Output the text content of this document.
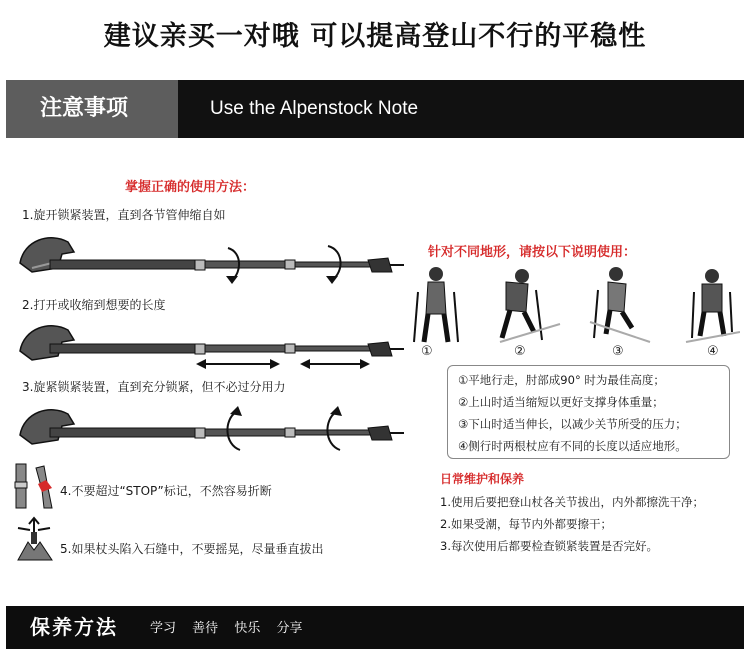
建议亲买一对哦 可以提高登山不行的平稳性
注意事项	Use the Alpenstock Note
掌握正确的使用方法：
1.旋开锁紧装置，直到各节管伸缩自如
2.打开或收缩到想要的长度
3.旋紧锁紧装置，直到充分锁紧，但不必过分用力
4.不要超过“STOP”标记，不然容易折断
5.如果杖头陷入石缝中，不要摇晃，尽量垂直拔出
针对不同地形，请按以下说明使用：
①	②	③	④
①平地行走，肘部成90° 时为最佳高度；
②上山时适当缩短以更好支撑身体重量；
③下山时适当伸长，以减少关节所受的压力；
④侧行时两根杖应有不同的长度以适应地形。
日常维护和保养
1.使用后要把登山杖各关节拔出，内外都擦洗干净；
2.如果受潮，每节内外都要擦干；
3.每次使用后都要检查锁紧装置是否完好。
保养方法 学习 善待 快乐 分享
